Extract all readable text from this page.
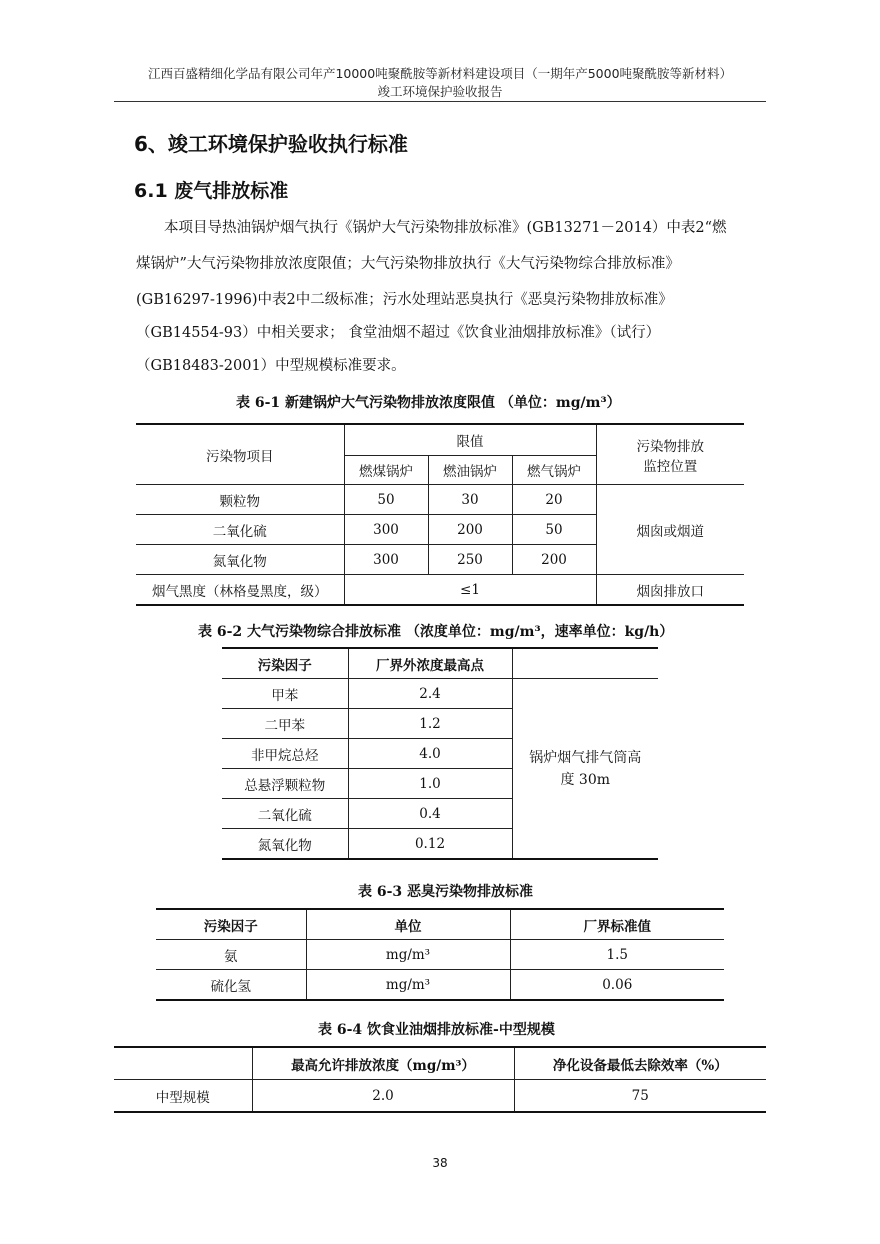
江西百盛精细化学品有限公司年产10000吨聚酰胺等新材料建设项目（一期年产5000吨聚酰胺等新材料）
竣工环境保护验收报告
6、竣工环境保护验收执行标准
6.1 废气排放标准
本项目导热油锅炉烟气执行《锅炉大气污染物排放标准》(GB13271－2014）中表2“燃
煤锅炉”大气污染物排放浓度限值；大气污染物排放执行《大气污染物综合排放标准》
(GB16297-1996)中表2中二级标准；污水处理站恶臭执行《恶臭污染物排放标准》
（GB14554-93）中相关要求； 食堂油烟不超过《饮食业油烟排放标准》（试行）
（GB18483-2001）中型规模标准要求。
表 6-1 新建锅炉大气污染物排放浓度限值 （单位：mg/m³）
污染物项目	限值			污染物排放
监控位置

	燃煤锅炉	燃油锅炉	燃气锅炉	
颗粒物	50	30	20	烟囱或烟道
二氧化硫	300	200	50	
氮氧化物	300	250	200	
烟气黑度（林格曼黑度，级）	≤1			烟囱排放口
表 6-2 大气污染物综合排放标准 （浓度单位：mg/m³，速率单位：kg/h）
污染因子	厂界外浓度最高点	
甲苯	2.4	锅炉烟气排气筒高
度 30m

二甲苯	1.2	
非甲烷总烃	4.0	
总悬浮颗粒物	1.0	
二氧化硫	0.4	
氮氧化物	0.12	
表 6-3 恶臭污染物排放标准
污染因子	单位	厂界标准值
氨	mg/m³	1.5
硫化氢	mg/m³	0.06
表 6-4 饮食业油烟排放标准-中型规模
	最高允许排放浓度（mg/m³）	净化设备最低去除效率（%）
中型规模	2.0	75
38
